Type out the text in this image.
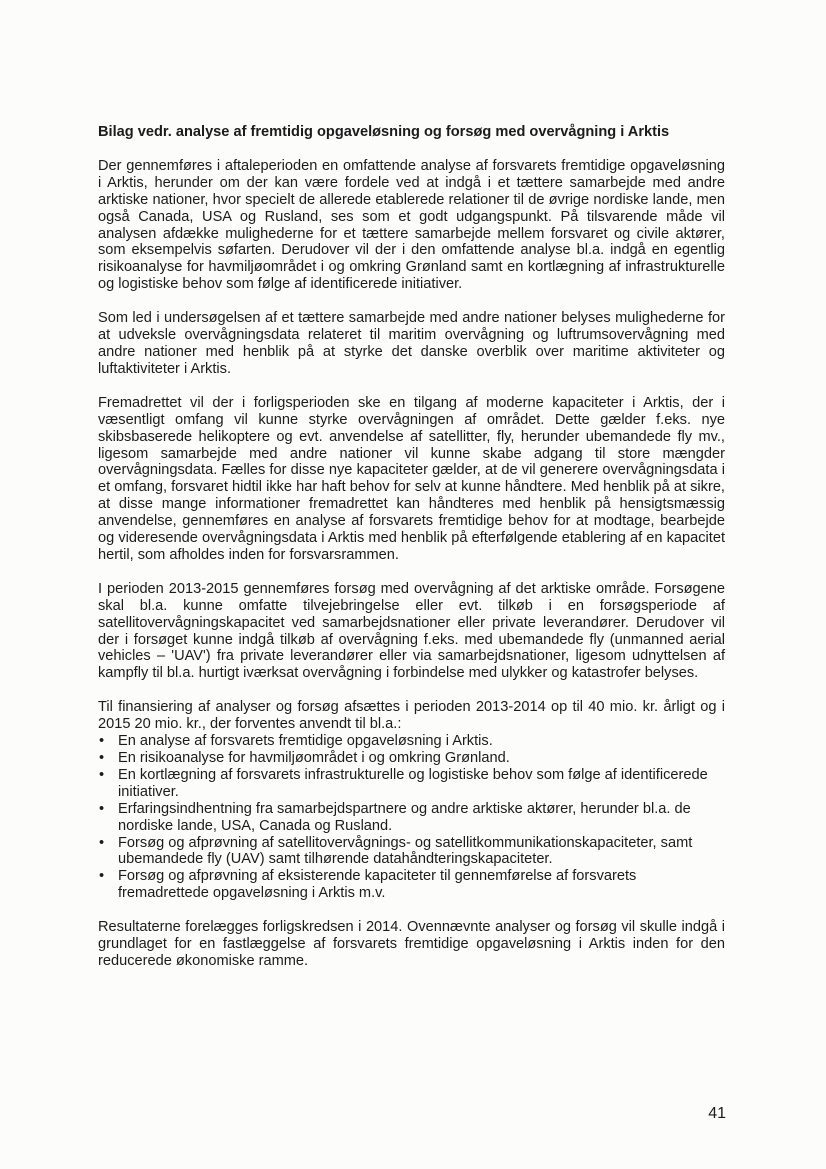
Bilag vedr. analyse af fremtidig opgaveløsning og forsøg med overvågning i Arktis

Der gennemføres i aftaleperioden en omfattende analyse af forsvarets fremtidige opgaveløsning i Arktis, herunder om der kan være fordele ved at indgå i et tættere samarbejde med andre arktiske nationer, hvor specielt de allerede etablerede relationer til de øvrige nordiske lande, men også Canada, USA og Rusland, ses som et godt udgangspunkt. På tilsvarende måde vil analysen afdække mulighederne for et tættere samarbejde mellem forsvaret og civile aktører, som eksempelvis søfarten. Derudover vil der i den omfattende analyse bl.a. indgå en egentlig risikoanalyse for havmiljøområdet i og omkring Grønland samt en kortlægning af infrastrukturelle og logistiske behov som følge af identificerede initiativer.

Som led i undersøgelsen af et tættere samarbejde med andre nationer belyses mulighederne for at udveksle overvågningsdata relateret til maritim overvågning og luftrumsovervågning med andre nationer med henblik på at styrke det danske overblik over maritime aktiviteter og luftaktiviteter i Arktis.

Fremadrettet vil der i forligsperioden ske en tilgang af moderne kapaciteter i Arktis, der i væsentligt omfang vil kunne styrke overvågningen af området. Dette gælder f.eks. nye skibsbaserede helikoptere og evt. anvendelse af satellitter, fly, herunder ubemandede fly mv., ligesom samarbejde med andre nationer vil kunne skabe adgang til store mængder overvågningsdata. Fælles for disse nye kapaciteter gælder, at de vil generere overvågningsdata i et omfang, forsvaret hidtil ikke har haft behov for selv at kunne håndtere. Med henblik på at sikre, at disse mange informationer fremadrettet kan håndteres med henblik på hensigtsmæssig anvendelse, gennemføres en analyse af forsvarets fremtidige behov for at modtage, bearbejde og videresende overvågningsdata i Arktis med henblik på efterfølgende etablering af en kapacitet hertil, som afholdes inden for forsvarsrammen.

I perioden 2013-2015 gennemføres forsøg med overvågning af det arktiske område. Forsøgene skal bl.a. kunne omfatte tilvejebringelse eller evt. tilkøb i en forsøgsperiode af satellitovervågningskapacitet ved samarbejdsnationer eller private leverandører. Derudover vil der i forsøget kunne indgå tilkøb af overvågning f.eks. med ubemandede fly (unmanned aerial vehicles – 'UAV') fra private leverandører eller via samarbejdsnationer, ligesom udnyttelsen af kampfly til bl.a. hurtigt iværksat overvågning i forbindelse med ulykker og katastrofer belyses.

Til finansiering af analyser og forsøg afsættes i perioden 2013-2014 op til 40 mio. kr. årligt og i 2015 20 mio. kr., der forventes anvendt til bl.a.:

• En analyse af forsvarets fremtidige opgaveløsning i Arktis.
• En risikoanalyse for havmiljøområdet i og omkring Grønland.
• En kortlægning af forsvarets infrastrukturelle og logistiske behov som følge af identificerede initiativer.
• Erfaringsindhentning fra samarbejdspartnere og andre arktiske aktører, herunder bl.a. de nordiske lande, USA, Canada og Rusland.
• Forsøg og afprøvning af satellitovervågnings- og satellitkommunikationskapaciteter, samt ubemandede fly (UAV) samt tilhørende datahåndteringskapaciteter.
• Forsøg og afprøvning af eksisterende kapaciteter til gennemførelse af forsvarets fremadrettede opgaveløsning i Arktis m.v.

Resultaterne forelægges forligskredsen i 2014. Ovennævnte analyser og forsøg vil skulle indgå i grundlaget for en fastlæggelse af forsvarets fremtidige opgaveløsning i Arktis inden for den reducerede økonomiske ramme.

41
